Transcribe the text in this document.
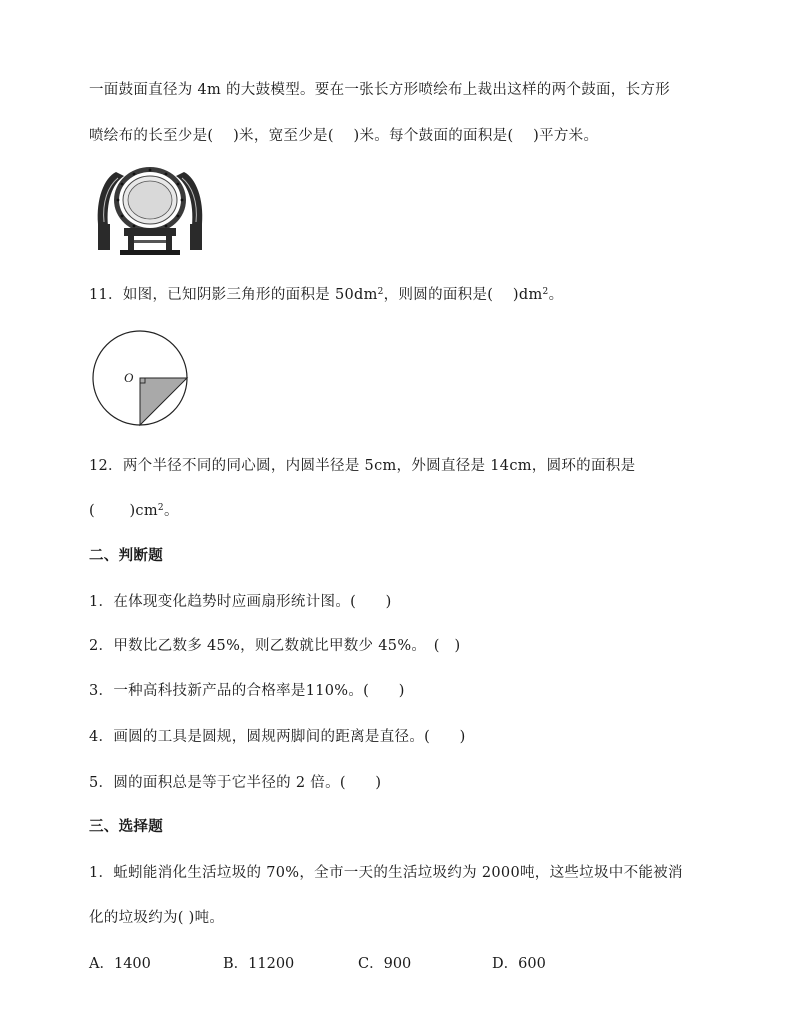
一面鼓面直径为 4m 的大鼓模型。要在一张长方形喷绘布上裁出这样的两个鼓面，长方形
喷绘布的长至少是(　 )米，宽至少是(　 )米。每个鼓面的面积是(　 )平方米。
11．如图，已知阴影三角形的面积是 $50dm^2$，则圆的面积是(　 )$dm^2$。
O
12．两个半径不同的同心圆，内圆半径是 5cm，外圆直径是 14cm，圆环的面积是
(　　 )$cm^2$。
二、判断题
1．在体现变化趋势时应画扇形统计图。(　　)
2．甲数比乙数多 45%，则乙数就比甲数少 45%。　(　)
3．一种高科技新产品的合格率是110%。(　　)
4．画圆的工具是圆规，圆规两脚间的距离是直径。(　　)
5．圆的面积总是等于它半径的 2 倍。(　　)
三、选择题
1．蚯蚓能消化生活垃圾的 70%，全市一天的生活垃圾约为 2000吨，这些垃圾中不能被消
化的垃圾约为( )吨。
A．1400	B．11200	C．900	D．600
